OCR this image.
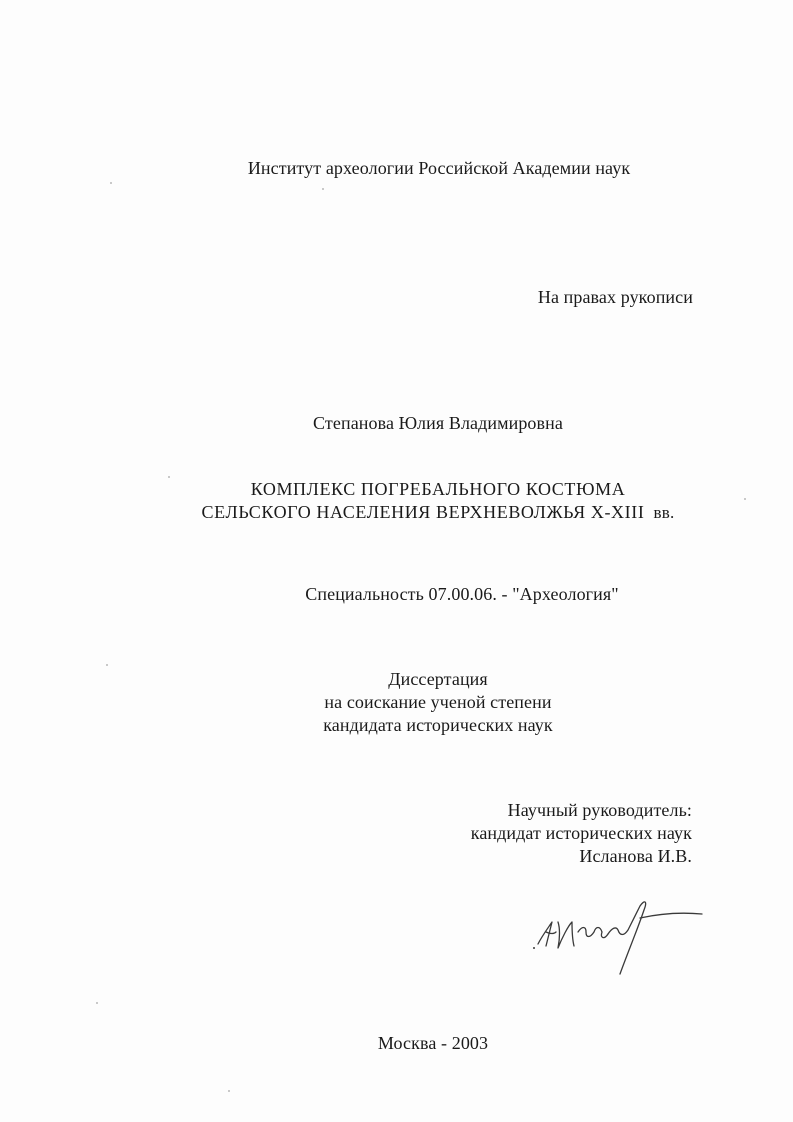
Институт археологии Российской Академии наук
На правах рукописи
Степанова Юлия Владимировна
КОМПЛЕКС ПОГРЕБАЛЬНОГО КОСТЮМА
СЕЛЬСКОГО НАСЕЛЕНИЯ ВЕРХНЕВОЛЖЬЯ Х-ХIII вв.
Специальность 07.00.06. - "Археология"
Диссертация
на соискание ученой степени
кандидата исторических наук
Научный руководитель:
кандидат исторических наук
Исланова И.В.
Москва - 2003
